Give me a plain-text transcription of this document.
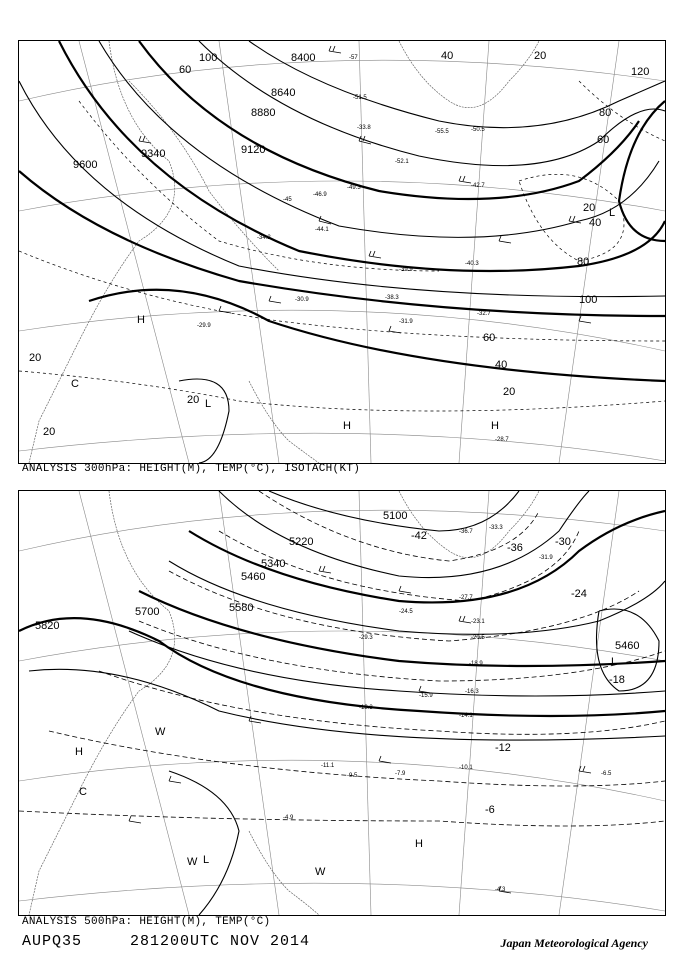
8400
8640
8880
9120
9600
9340
100
60
40	20
120
80
60
40
20
20
20
20
40
60
80
100
20
H
L
H	H
L
C
-57
-52.1
-50.5
-49.3
-46.9
-44.1
-40.3
-39.9
-38.3
-31.9
-30.9
-29.9
-28.7
-42.7
-33.8
-51.5
-45
-55.5
-34.2
-32.7
ANALYSIS 300hPa: HEIGHT(M), TEMP(°C), ISOTACH(KT)
5100
5220
5340
5460
5580
5700
5820
5460
-42
-36	-30
-24
-18
-12
-6
L
H
C
W
L
H
W
W
-36.7
-33.3
-31.9
-27.7
-24.5
-23.1
-20.5
-18.9
-16.3
-14.1
-10.1
-7.9	-6.5
-4.9
-4.3
-11.1
-9.5
-13.3
-15.9
-29.3
ANALYSIS 500hPa: HEIGHT(M), TEMP(°C)
AUPQ35	281200UTC NOV 2014	Japan Meteorological Agency
